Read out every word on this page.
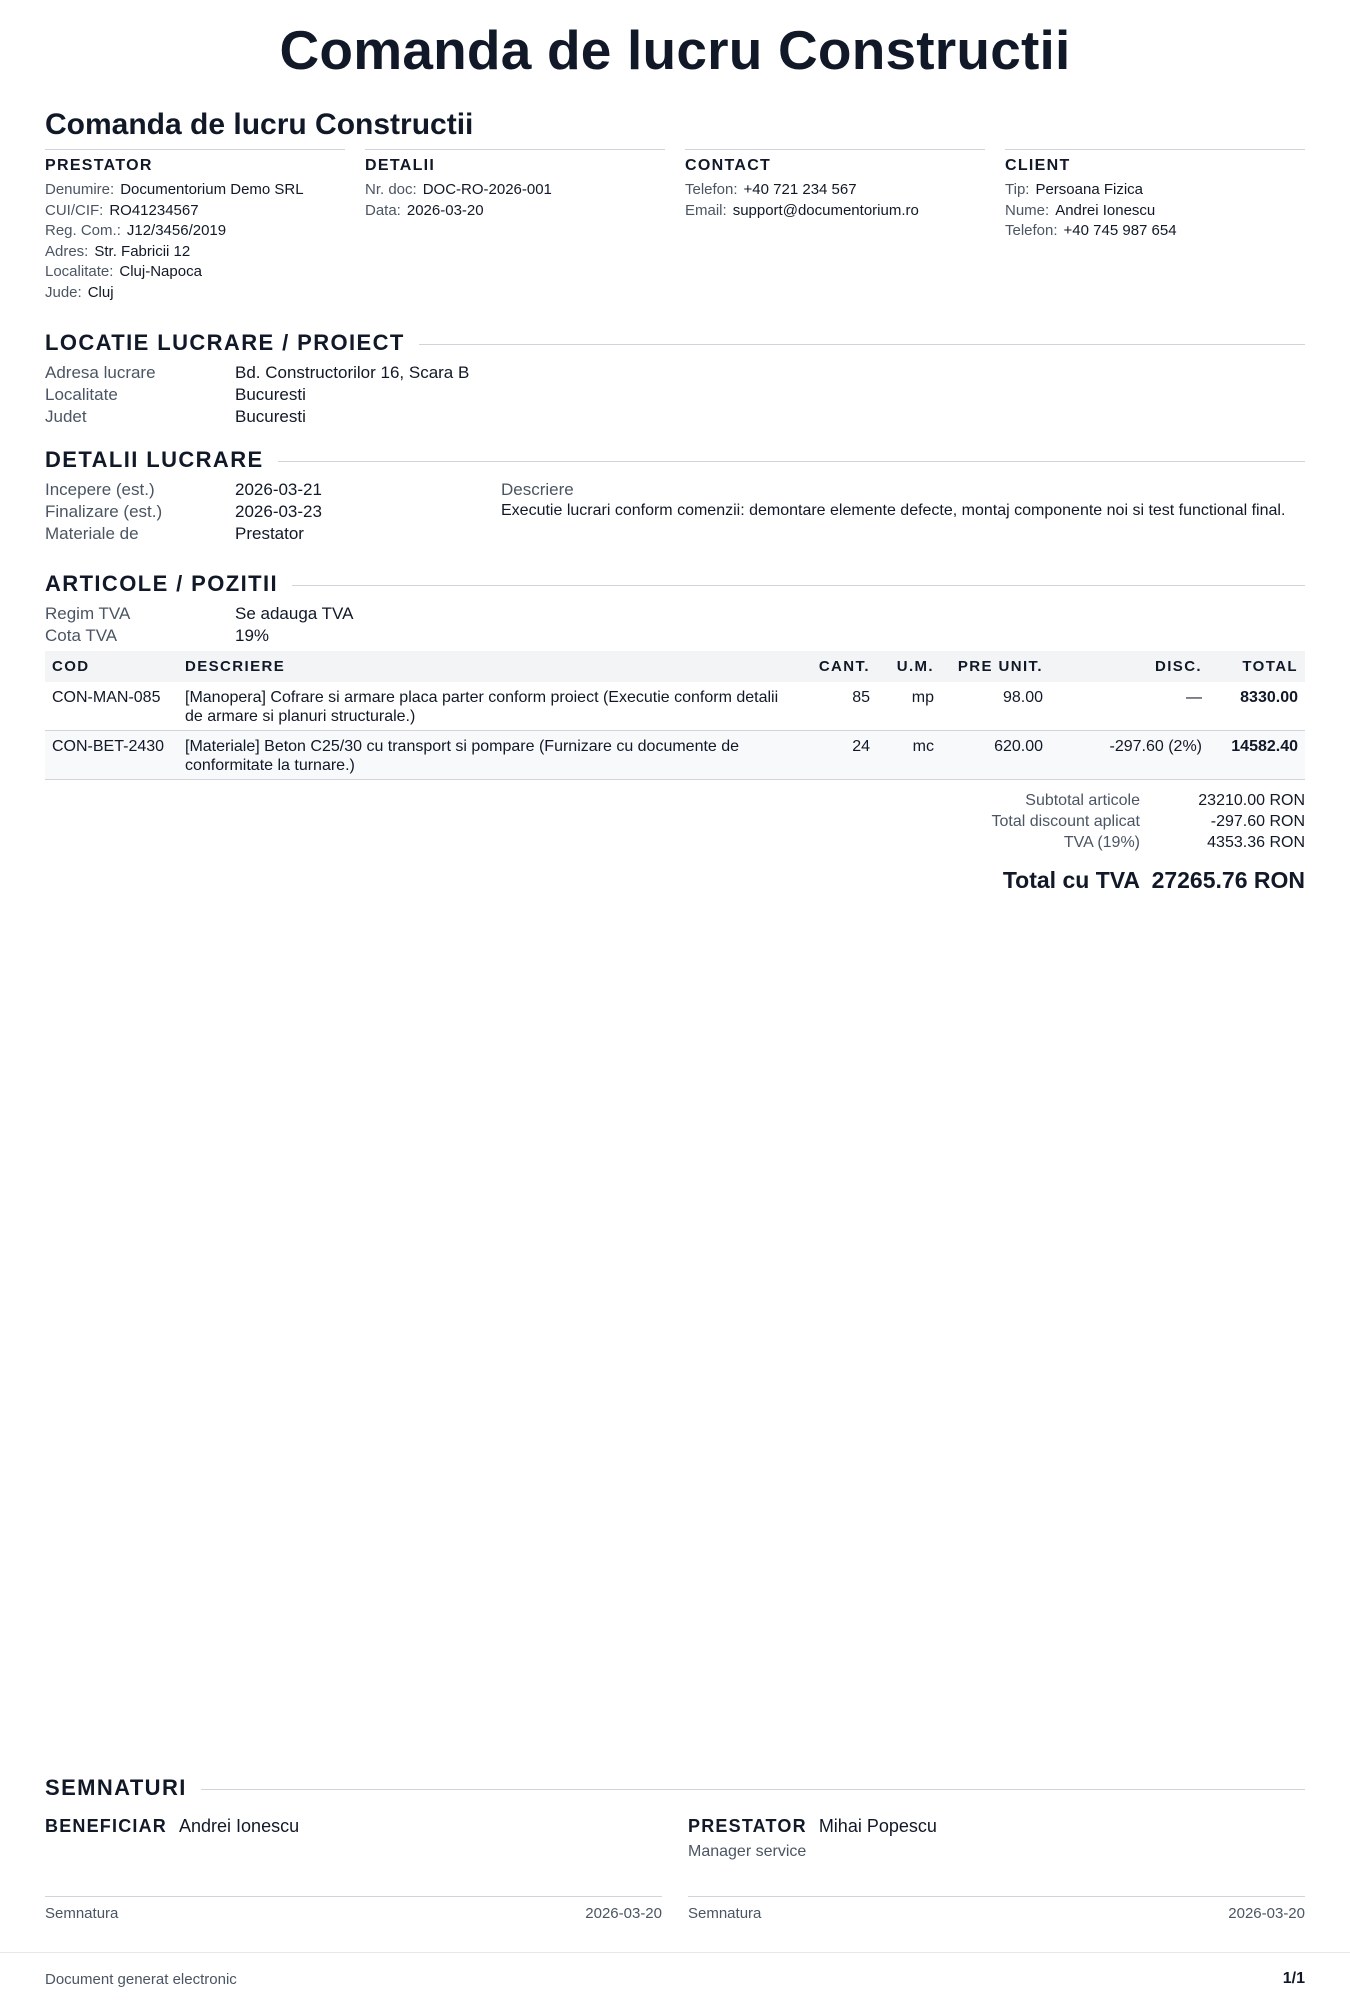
Comanda de lucru Constructii
Comanda de lucru Constructii
PRESTATOR
Denumire: Documentorium Demo SRL
CUI/CIF: RO41234567
Reg. Com.: J12/3456/2019
Adres: Str. Fabricii 12
Localitate: Cluj-Napoca
Jude: Cluj
DETALII
Nr. doc: DOC-RO-2026-001
Data: 2026-03-20
CONTACT
Telefon: +40 721 234 567
Email: support@documentorium.ro
CLIENT
Tip: Persoana Fizica
Nume: Andrei Ionescu
Telefon: +40 745 987 654
LOCATIE LUCRARE / PROIECT
Adresa lucrare	Bd. Constructorilor 16, Scara B
Localitate	Bucuresti
Judet	Bucuresti
DETALII LUCRARE
Incepere (est.)	2026-03-21
Finalizare (est.)	2026-03-23
Materiale de	Prestator
Descriere
Executie lucrari conform comenzii: demontare elemente defecte, montaj componente noi si test functional final.
ARTICOLE / POZITII
Regim TVA	Se adauga TVA
Cota TVA	19%
COD	DESCRIERE	CANT.	U.M.	PRE UNIT.	DISC.	TOTAL
CON-MAN-085	[Manopera] Cofrare si armare placa parter conform proiect (Executie conform detalii de armare si planuri structurale.)	85	mp	98.00	—	8330.00
CON-BET-2430	[Materiale] Beton C25/30 cu transport si pompare (Furnizare cu documente de conformitate la turnare.)	24	mc	620.00	-297.60 (2%)	14582.40
Subtotal articole	23210.00 RON
Total discount aplicat	-297.60 RON
TVA (19%)	4353.36 RON
Total cu TVA 27265.76 RON
SEMNATURI
BENEFICIAR Andrei Ionescu
Semnatura	2026-03-20
PRESTATOR Mihai Popescu
Manager service
Semnatura	2026-03-20
Document generat electronic	1/1
